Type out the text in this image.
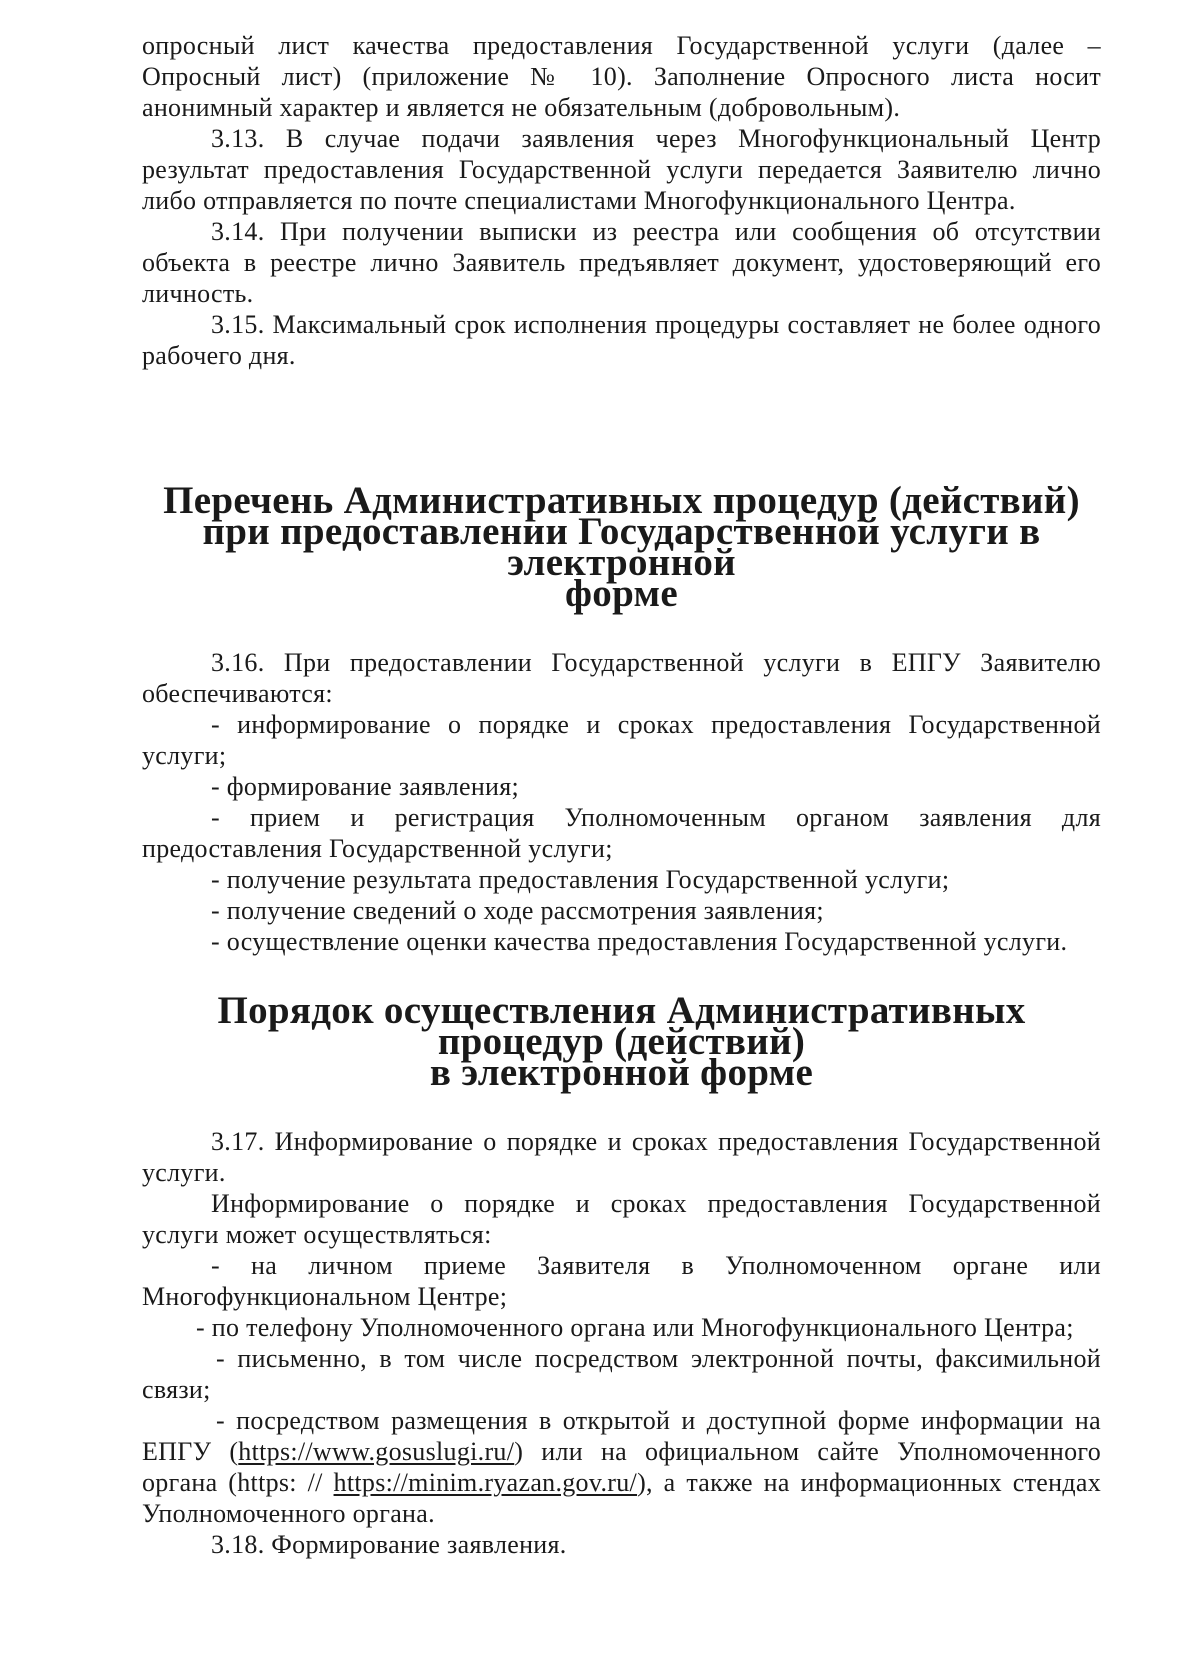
опросный лист качества предоставления Государственной услуги (далее – Опросный лист) (приложение № 10). Заполнение Опросного листа носит анонимный характер и является не обязательным (добровольным).

3.13. В случае подачи заявления через Многофункциональный Центр результат предоставления Государственной услуги передается Заявителю лично либо отправляется по почте специалистами Многофункционального Центра.

3.14. При получении выписки из реестра или сообщения об отсутствии объекта в реестре лично Заявитель предъявляет документ, удостоверяющий его личность.

3.15. Максимальный срок исполнения процедуры составляет не более одного рабочего дня.

Перечень Административных процедур (действий)
при предоставлении Государственной услуги в электронной
форме

3.16. При предоставлении Государственной услуги в ЕПГУ Заявителю обеспечиваются:

- информирование о порядке и сроках предоставления Государственной услуги;

- формирование заявления;

- прием и регистрация Уполномоченным органом заявления для предоставления Государственной услуги;

- получение результата предоставления Государственной услуги;

- получение сведений о ходе рассмотрения заявления;

- осуществление оценки качества предоставления Государственной услуги.

Порядок осуществления Административных процедур (действий)
в электронной форме

3.17. Информирование о порядке и сроках предоставления Государственной услуги.

Информирование о порядке и сроках предоставления Государственной услуги может осуществляться:

- на личном приеме Заявителя в Уполномоченном органе или Многофункциональном Центре;

- по телефону Уполномоченного органа или Многофункционального Центра;

- письменно, в том числе посредством электронной почты, факсимильной связи;

- посредством размещения в открытой и доступной форме информации на ЕПГУ (https://www.gosuslugi.ru/) или на официальном сайте Уполномоченного органа (https: // https://minim.ryazan.gov.ru/), а также на информационных стендах Уполномоченного органа.

3.18. Формирование заявления.
